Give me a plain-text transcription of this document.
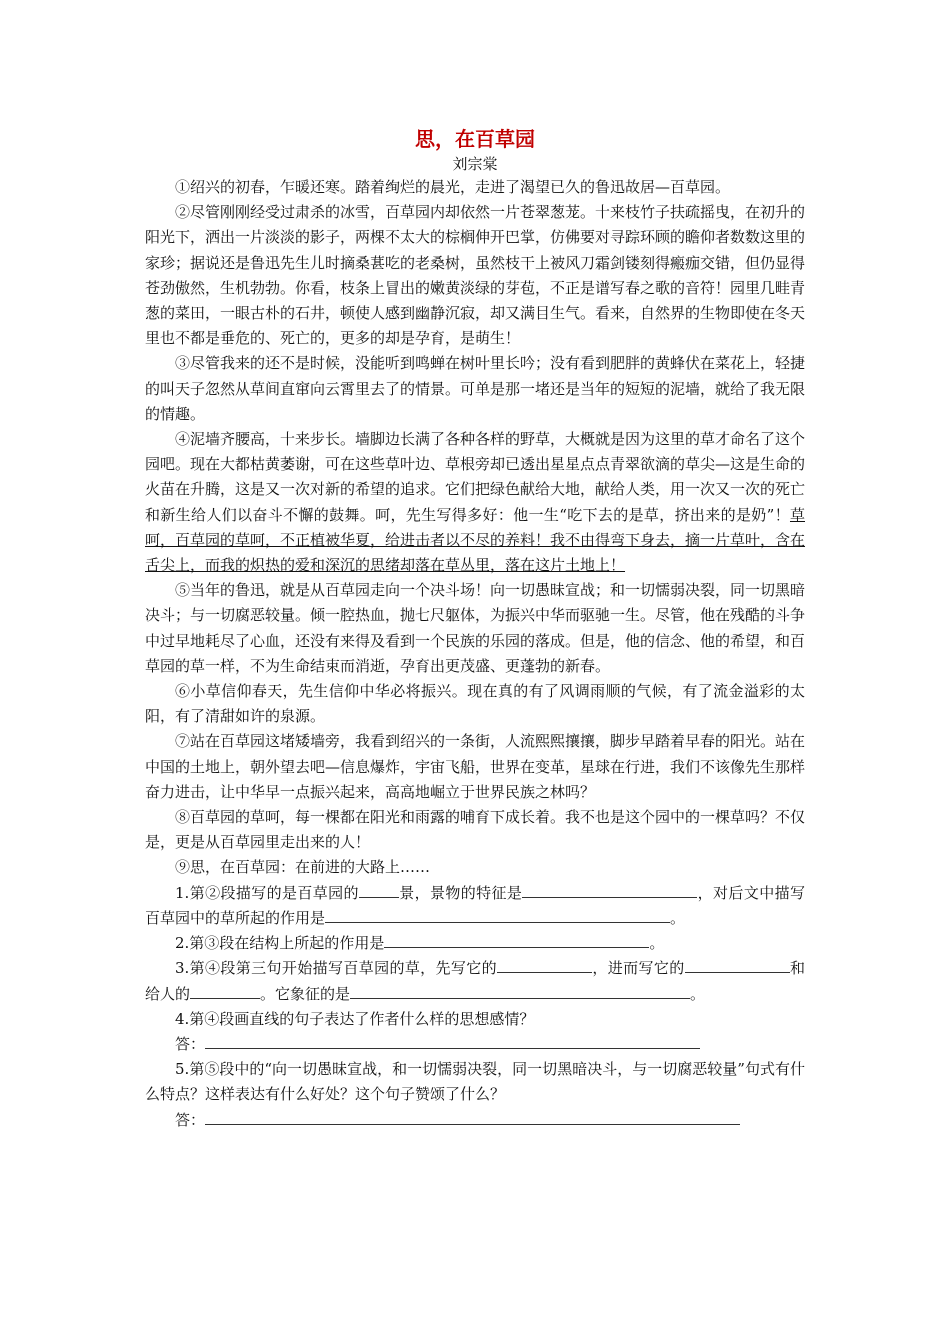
思，在百草园
刘宗棠

①绍兴的初春，乍暖还寒。踏着绚烂的晨光，走进了渴望已久的鲁迅故居—百草园。

②尽管刚刚经受过肃杀的冰雪，百草园内却依然一片苍翠葱茏。十来枝竹子扶疏摇曳，在初升的阳光下，洒出一片淡淡的影子，两棵不太大的棕榈伸开巴掌，仿佛要对寻踪环顾的瞻仰者数数这里的家珍；据说还是鲁迅先生儿时摘桑葚吃的老桑树，虽然枝干上被风刀霜剑镂刻得瘢痂交错，但仍显得苍劲傲然，生机勃勃。你看，枝条上冒出的嫩黄淡绿的芽苞，不正是谱写春之歌的音符！园里几畦青葱的菜田，一眼古朴的石井，顿使人感到幽静沉寂，却又满目生气。看来，自然界的生物即使在冬天里也不都是垂危的、死亡的，更多的却是孕育，是萌生！

③尽管我来的还不是时候，没能听到鸣蝉在树叶里长吟；没有看到肥胖的黄蜂伏在菜花上，轻捷的叫天子忽然从草间直窜向云霄里去了的情景。可单是那一堵还是当年的短短的泥墙，就给了我无限的情趣。

④泥墙齐腰高，十来步长。墙脚边长满了各种各样的野草，大概就是因为这里的草才命名了这个园吧。现在大都枯黄萎谢，可在这些草叶边、草根旁却已透出星星点点青翠欲滴的草尖—这是生命的火苗在升腾，这是又一次对新的希望的追求。它们把绿色献给大地，献给人类，用一次又一次的死亡和新生给人们以奋斗不懈的鼓舞。呵，先生写得多好：他一生“吃下去的是草，挤出来的是奶”！草呵，百草园的草呵，不正植被华夏，给进击者以不尽的养料！我不由得弯下身去，摘一片草叶，含在舌尖上，而我的炽热的爱和深沉的思绪却落在草丛里，落在这片土地上！

⑤当年的鲁迅，就是从百草园走向一个决斗场！向一切愚昧宣战；和一切懦弱决裂，同一切黑暗决斗；与一切腐恶较量。倾一腔热血，抛七尺躯体，为振兴中华而驱驰一生。尽管，他在残酷的斗争中过早地耗尽了心血，还没有来得及看到一个民族的乐园的落成。但是，他的信念、他的希望，和百草园的草一样，不为生命结束而消逝，孕育出更茂盛、更蓬勃的新春。

⑥小草信仰春天，先生信仰中华必将振兴。现在真的有了风调雨顺的气候，有了流金溢彩的太阳，有了清甜如许的泉源。

⑦站在百草园这堵矮墙旁，我看到绍兴的一条街，人流熙熙攘攘，脚步早踏着早春的阳光。站在中国的土地上，朝外望去吧—信息爆炸，宇宙飞船，世界在变革，星球在行进，我们不该像先生那样奋力进击，让中华早一点振兴起来，高高地崛立于世界民族之林吗？

⑧百草园的草呵，每一棵都在阳光和雨露的哺育下成长着。我不也是这个园中的一棵草吗？不仅是，更是从百草园里走出来的人！

⑨思，在百草园：在前进的大路上……

1.第②段描写的是百草园的	景，景物的特征是	，对后文中描写百草园中的草所起的作用是	。

2.第③段在结构上所起的作用是	。

3.第④段第三句开始描写百草园的草，先写它的	，进而写它的	和给人的	。它象征的是	。

4.第④段画直线的句子表达了作者什么样的思想感情？

答：

5.第⑤段中的“向一切愚昧宣战，和一切懦弱决裂，同一切黑暗决斗，与一切腐恶较量”句式有什么特点？这样表达有什么好处？这个句子赞颂了什么？

答：
